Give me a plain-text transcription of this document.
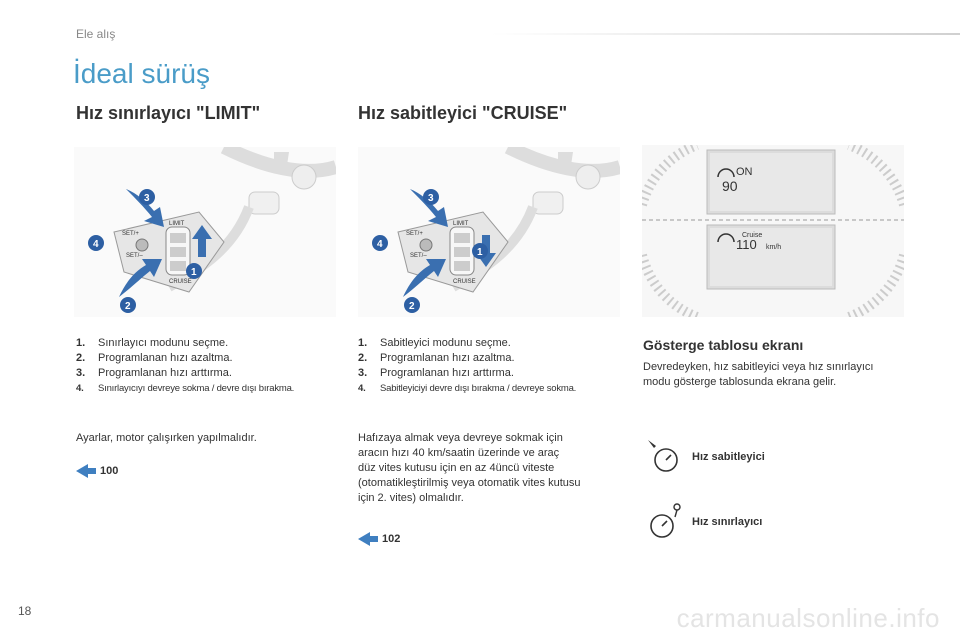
Ele alış
İdeal sürüş
Hız sınırlayıcı "LIMIT"
SET/+
SET/–
LIMIT
CRUISE
3
4
1
2
1. Sınırlayıcı modunu seçme.
2. Programlanan hızı azaltma.
3. Programlanan hızı arttırma.
4. Sınırlayıcıyı devreye sokma / devre dışı bırakma.
Ayarlar, motor çalışırken yapılmalıdır.
100
Hız sabitleyici "CRUISE"
SET/+
SET/–
LIMIT
CRUISE
3
4
1
2
1. Sabitleyici modunu seçme.
2. Programlanan hızı azaltma.
3. Programlanan hızı arttırma.
4. Sabitleyiciyi devre dışı bırakma / devreye sokma.
Hafızaya almak veya devreye sokmak için
aracın hızı 40 km/saatin üzerinde ve araç
düz vites kutusu için en az 4üncü viteste
(otomatikleştirilmiş veya otomatik vites kutusu
için 2. vites) olmalıdır.
102
ON
90
Cruise
110 km/h
Gösterge tablosu ekranı
Devredeyken, hız sabitleyici veya hız sınırlayıcı
modu gösterge tablosunda ekrana gelir.
Hız sabitleyici
Hız sınırlayıcı
18	carmanualsonline.info
